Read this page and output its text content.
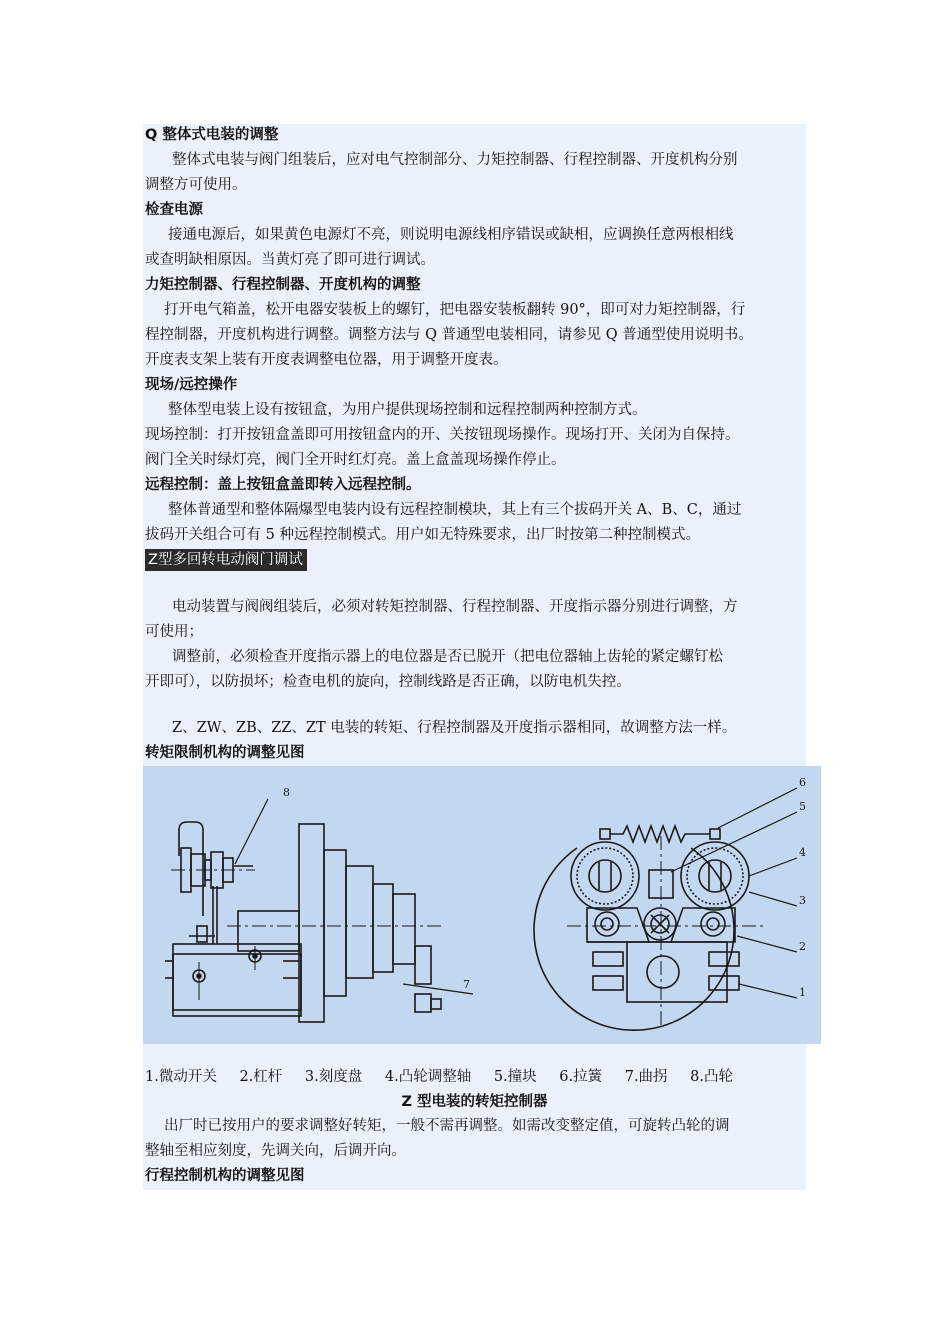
Q 整体式电装的调整
整体式电装与阀门组装后，应对电气控制部分、力矩控制器、行程控制器、开度机构分别
调整方可使用。
检查电源
接通电源后，如果黄色电源灯不亮，则说明电源线相序错误或缺相，应调换任意两根相线
或查明缺相原因。当黄灯亮了即可进行调试。
力矩控制器、行程控制器、开度机构的调整
打开电气箱盖，松开电器安装板上的螺钉，把电器安装板翻转 90°，即可对力矩控制器，行
程控制器，开度机构进行调整。调整方法与 Q 普通型电装相同，请参见 Q 普通型使用说明书。
开度表支架上装有开度表调整电位器，用于调整开度表。
现场/远控操作
整体型电装上设有按钮盒，为用户提供现场控制和远程控制两种控制方式。
现场控制：打开按钮盒盖即可用按钮盒内的开、关按钮现场操作。现场打开、关闭为自保持。
阀门全关时绿灯亮，阀门全开时红灯亮。盖上盒盖现场操作停止。
远程控制：盖上按钮盒盖即转入远程控制。
整体普通型和整体隔爆型电装内设有远程控制模块，其上有三个拔码开关 A、B、C，通过
拔码开关组合可有 5 种远程控制模式。用户如无特殊要求，出厂时按第二种控制模式。
Z型多回转电动阀门调试
电动装置与阀阀组装后，必须对转矩控制器、行程控制器、开度指示器分别进行调整，方
可使用；
调整前，必须检查开度指示器上的电位器是否已脱开（把电位器轴上齿轮的紧定螺钉松
开即可），以防损坏；检查电机的旋向，控制线路是否正确，以防电机失控。
Z、ZW、ZB、ZZ、ZT 电装的转矩、行程控制器及开度指示器相同，故调整方法一样。
转矩限制机构的调整见图
8
7
6
5
4
3
2
1
1.微动开关 2.杠杆 3.刻度盘 4.凸轮调整轴 5.撞块 6.拉簧 7.曲拐 8.凸轮
Z 型电装的转矩控制器
出厂时已按用户的要求调整好转矩，一般不需再调整。如需改变整定值，可旋转凸轮的调
整轴至相应刻度，先调关向，后调开向。
行程控制机构的调整见图
